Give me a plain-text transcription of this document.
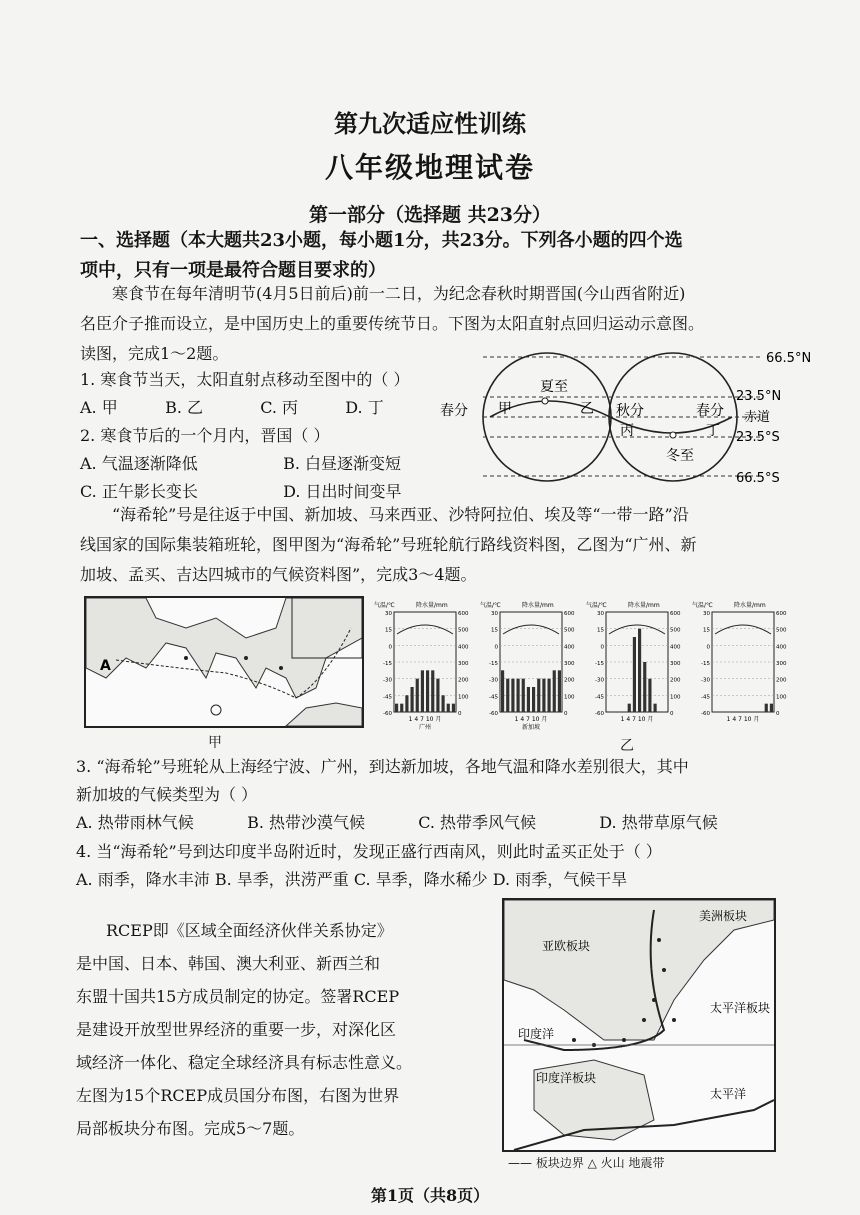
第九次适应性训练
八年级地理试卷
第一部分（选择题 共23分）
一、选择题（本大题共23小题，每小题1分，共23分。下列各小题的四个选
项中，只有一项是最符合题目要求的）
寒食节在每年清明节(4月5日前后)前一二日，为纪念春秋时期晋国(今山西省附近)
名臣介子推而设立，是中国历史上的重要传统节日。下图为太阳直射点回归运动示意图。
读图，完成1～2题。
1. 寒食节当天，太阳直射点移动至图中的（ ）
A. 甲	B. 乙	C. 丙	D. 丁
2. 寒食节后的一个月内，晋国（ ）
A. 气温逐渐降低	B. 白昼逐渐变短
C. 正午影长变长	D. 日出时间变早
66.5°N
23.5°N
赤道
23.5°S
66.5°S
夏至
春分 甲	乙 秋分	春分
丙	丁
冬至
“海希轮”号是往返于中国、新加坡、马来西亚、沙特阿拉伯、埃及等“一带一路”沿
线国家的国际集装箱班轮，图甲图为“海希轮”号班轮航行路线资料图，乙图为“广州、新
加坡、孟买、吉达四城市的气候资料图”，完成3～4题。
A
甲
30
15
0
-15
-30
-45
-60
600
500
400
300
200
100
0
气温/℃	降水量/mm
1 4 7 10 月
广州
30
15
0
-15
-30
-45
-60
600
500
400
300
200
100
0
气温/℃	降水量/mm
1 4 7 10 月
新加坡
30
15
0
-15
-30
-45
-60
600
500
400
300
200
100
0
气温/℃	降水量/mm
1 4 7 10 月
30
15
0
-15
-30
-45
-60
600
500
400
300
200
100
0
气温/℃	降水量/mm
1 4 7 10 月
乙
3. “海希轮”号班轮从上海经宁波、广州，到达新加坡，各地气温和降水差别很大，其中
新加坡的气候类型为（ ）
A. 热带雨林气候	B. 热带沙漠气候	C. 热带季风气候	D. 热带草原气候
4. 当“海希轮”号到达印度半岛附近时，发现正盛行西南风，则此时孟买正处于（ ）
A. 雨季，降水丰沛 B. 旱季，洪涝严重 C. 旱季，降水稀少 D. 雨季，气候干旱
RCEP即《区域全面经济伙伴关系协定》
是中国、日本、韩国、澳大利亚、新西兰和
东盟十国共15方成员制定的协定。签署RCEP
是建设开放型世界经济的重要一步，对深化区
域经济一体化、稳定全球经济具有标志性意义。
左图为15个RCEP成员国分布图，右图为世界
局部板块分布图。完成5～7题。
美洲板块
亚欧板块
太平洋板块
印度洋
印度洋板块
太平洋
—— 板块边界 △ 火山 地震带
第1页（共8页）
